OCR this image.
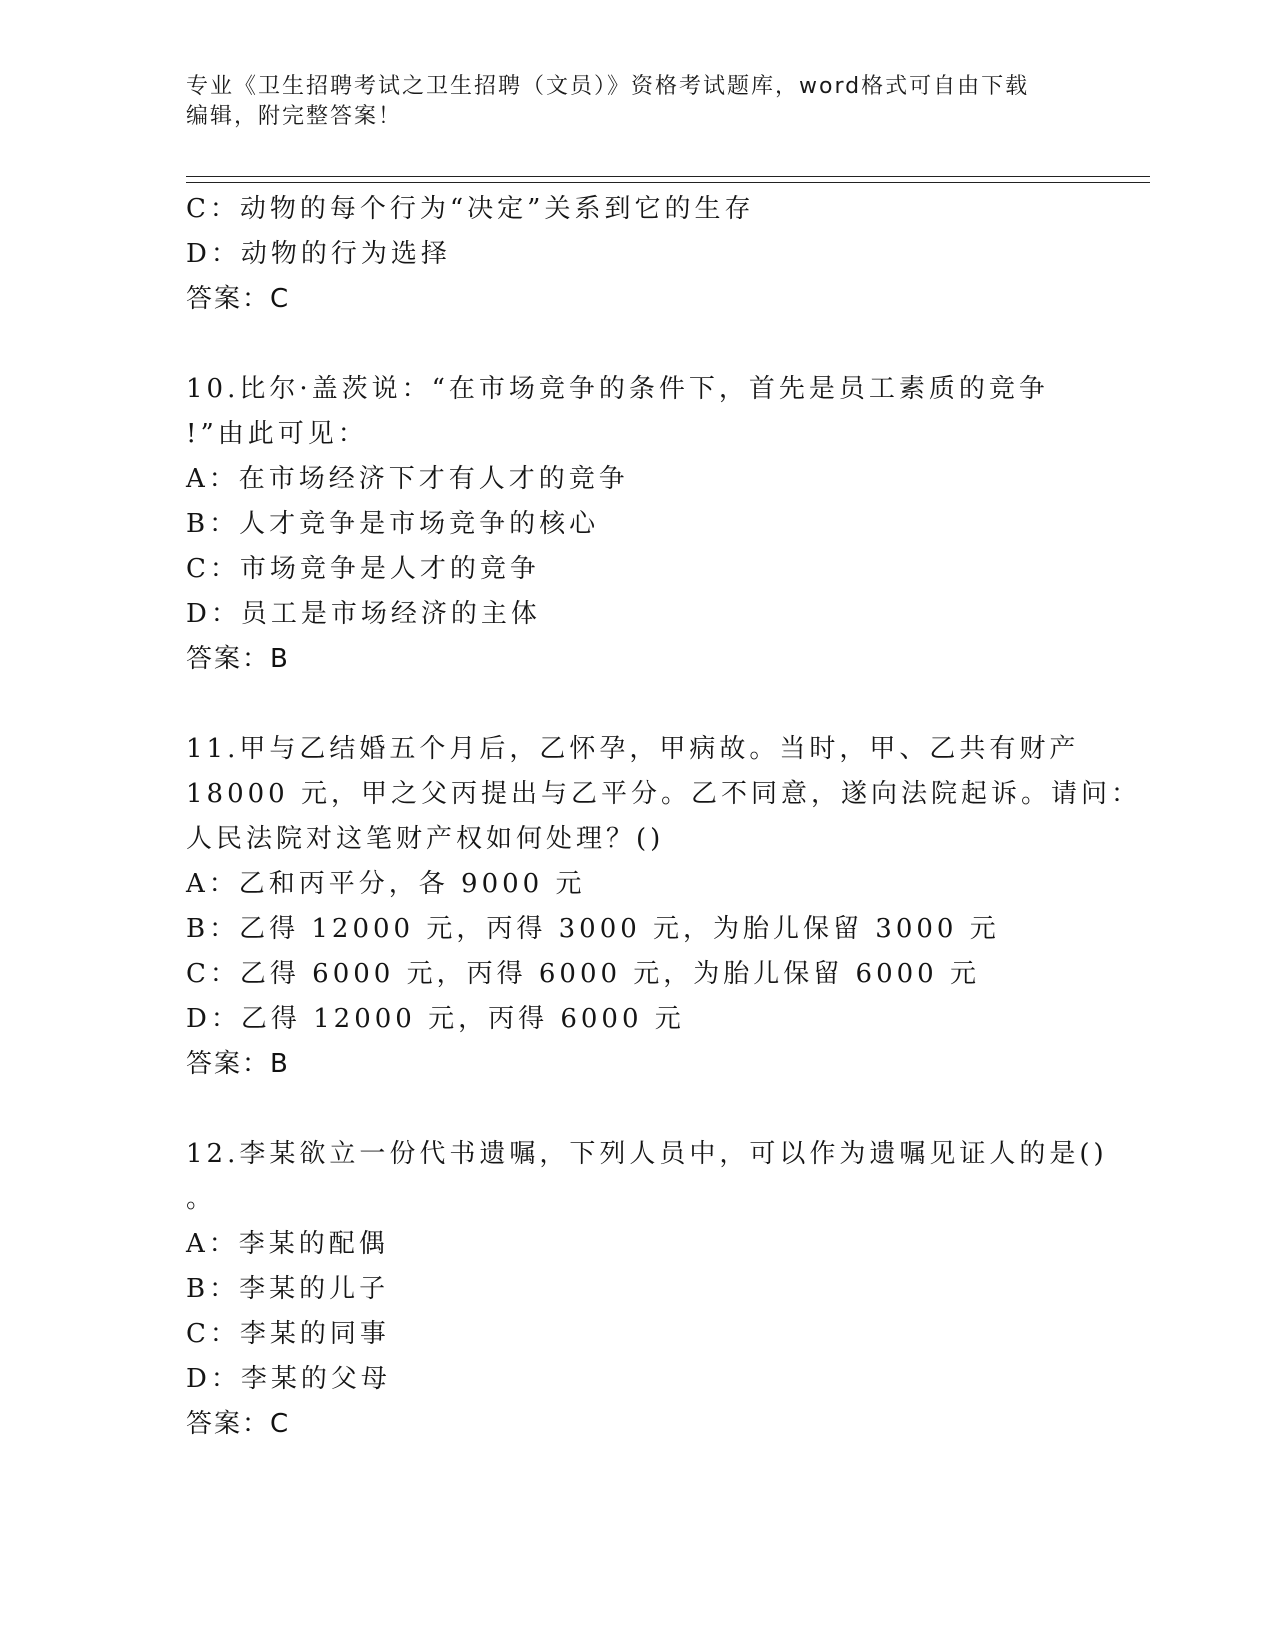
专业《卫生招聘考试之卫生招聘（文员）》资格考试题库，word格式可自由下载
编辑，附完整答案！
C：动物的每个行为“决定”关系到它的生存
D：动物的行为选择
答案：C
10.比尔·盖茨说：“在市场竞争的条件下，首先是员工素质的竞争
!”由此可见：
A：在市场经济下才有人才的竞争
B：人才竞争是市场竞争的核心
C：市场竞争是人才的竞争
D：员工是市场经济的主体
答案：B
11.甲与乙结婚五个月后，乙怀孕，甲病故。当时，甲、乙共有财产
18000 元，甲之父丙提出与乙平分。乙不同意，遂向法院起诉。请问：
人民法院对这笔财产权如何处理？()
A：乙和丙平分，各 9000 元
B：乙得 12000 元，丙得 3000 元，为胎儿保留 3000 元
C：乙得 6000 元，丙得 6000 元，为胎儿保留 6000 元
D：乙得 12000 元，丙得 6000 元
答案：B
12.李某欲立一份代书遗嘱，下列人员中，可以作为遗嘱见证人的是()
。
A：李某的配偶
B：李某的儿子
C：李某的同事
D：李某的父母
答案：C
